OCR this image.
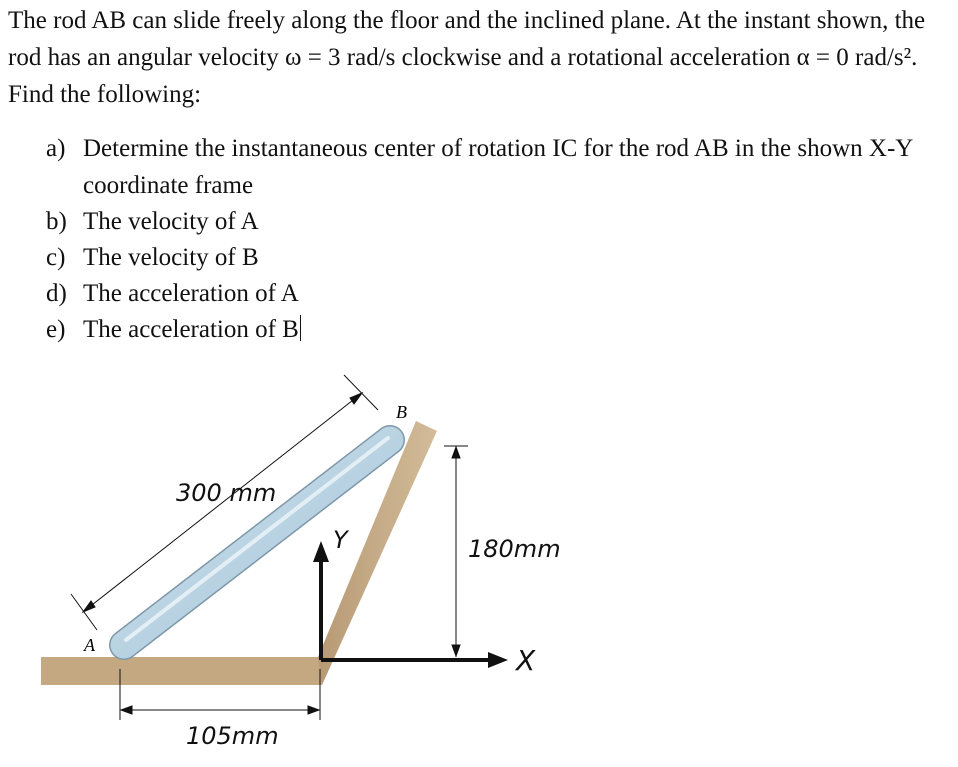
The rod AB can slide freely along the floor and the inclined plane. At the instant shown, the rod has an angular velocity ω = 3 rad/s clockwise and a rotational acceleration α = 0 rad/s². Find the following:

a) Determine the instantaneous center of rotation IC for the rod AB in the shown X-Y coordinate frame
b) The velocity of A
c) The velocity of B
d) The acceleration of A
e) The acceleration of B
A
B
300 mm
180mm
105mm
X
Y
